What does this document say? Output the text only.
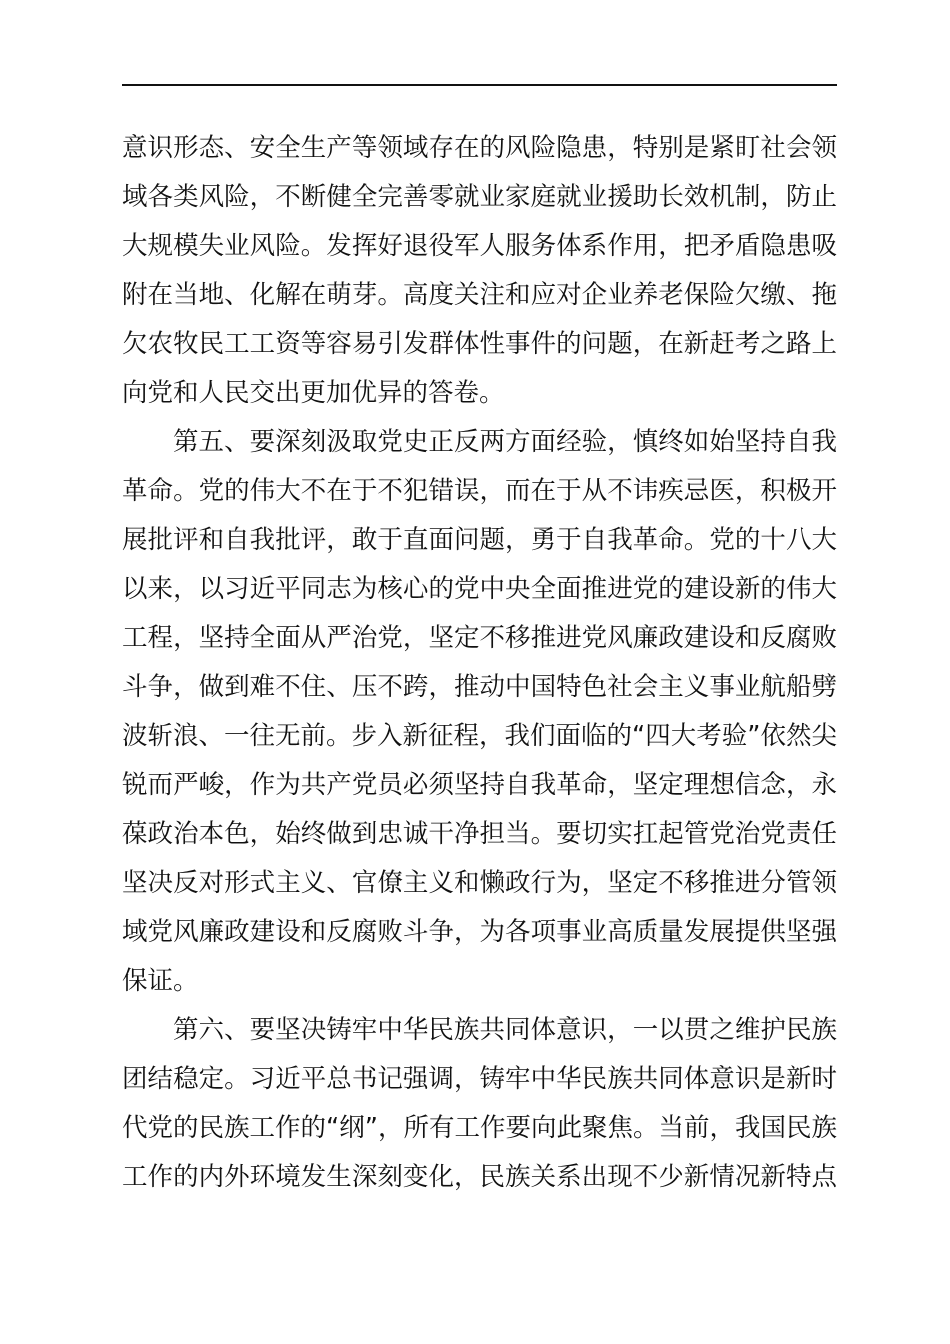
意识形态、安全生产等领域存在的风险隐患，特别是紧盯社会领
域各类风险，不断健全完善零就业家庭就业援助长效机制，防止
大规模失业风险。发挥好退役军人服务体系作用，把矛盾隐患吸
附在当地、化解在萌芽。高度关注和应对企业养老保险欠缴、拖
欠农牧民工工资等容易引发群体性事件的问题，在新赶考之路上
向党和人民交出更加优异的答卷。
第五、要深刻汲取党史正反两方面经验，慎终如始坚持自我
革命。党的伟大不在于不犯错误，而在于从不讳疾忌医，积极开
展批评和自我批评，敢于直面问题，勇于自我革命。党的十八大
以来，以习近平同志为核心的党中央全面推进党的建设新的伟大
工程，坚持全面从严治党，坚定不移推进党风廉政建设和反腐败
斗争，做到难不住、压不跨，推动中国特色社会主义事业航船劈
波斩浪、一往无前。步入新征程，我们面临的“四大考验”依然尖
锐而严峻，作为共产党员必须坚持自我革命，坚定理想信念，永
葆政治本色，始终做到忠诚干净担当。要切实扛起管党治党责任
坚决反对形式主义、官僚主义和懒政行为，坚定不移推进分管领
域党风廉政建设和反腐败斗争，为各项事业高质量发展提供坚强
保证。
第六、要坚决铸牢中华民族共同体意识，一以贯之维护民族
团结稳定。习近平总书记强调，铸牢中华民族共同体意识是新时
代党的民族工作的“纲”，所有工作要向此聚焦。当前，我国民族
工作的内外环境发生深刻变化，民族关系出现不少新情况新特点
